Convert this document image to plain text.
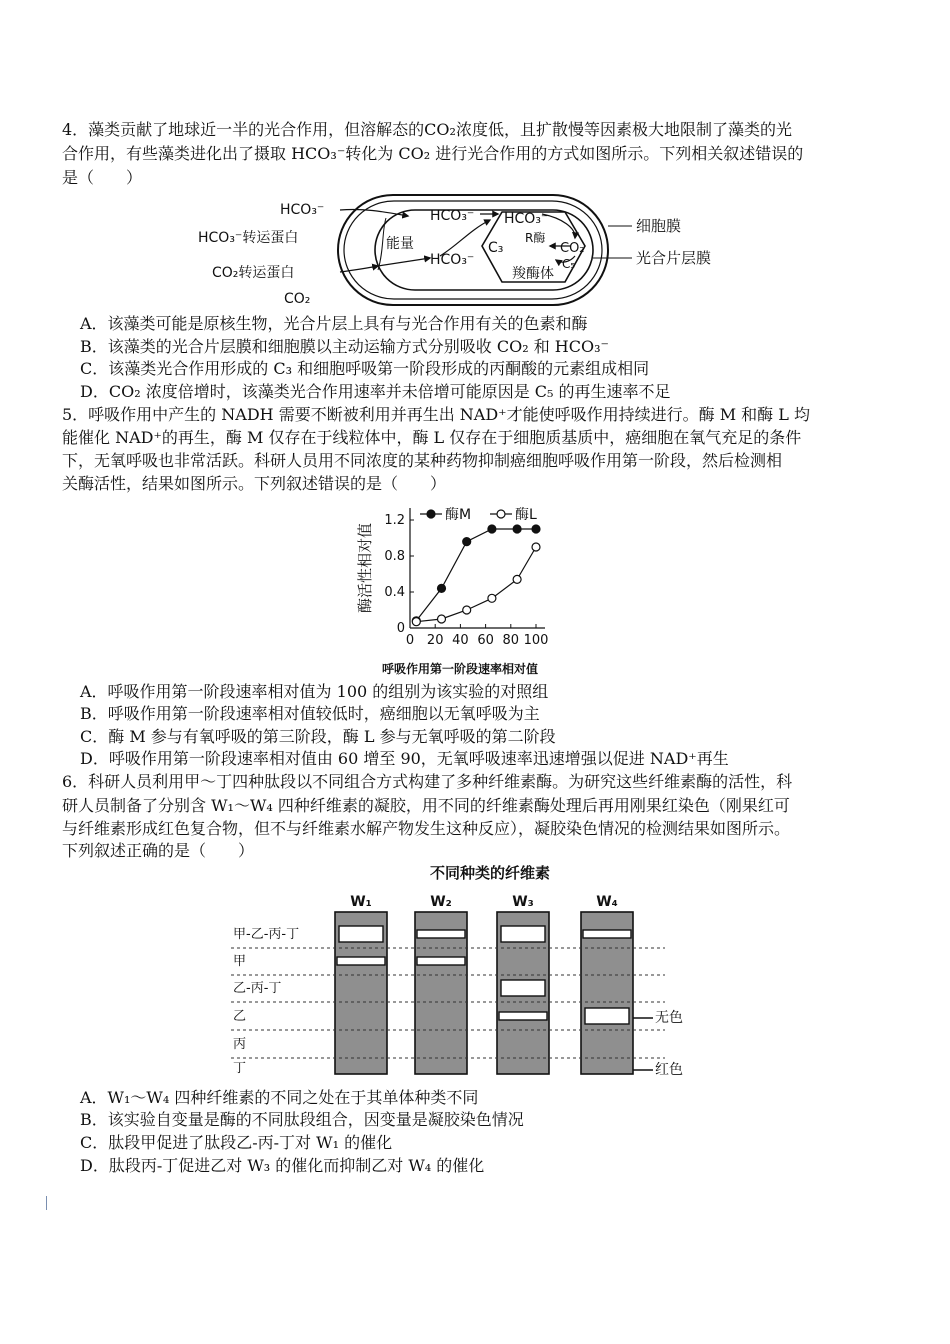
4．藻类贡献了地球近一半的光合作用，但溶解态的CO₂浓度低，且扩散慢等因素极大地限制了藻类的光
合作用，有些藻类进化出了摄取 HCO₃⁻转化为 CO₂ 进行光合作用的方式如图所示。下列相关叙述错误的
是（　　）
HCO₃⁻
HCO₃⁻转运蛋白
CO₂转运蛋白
CO₂
能量
HCO₃⁻
HCO₃⁻
HCO₃⁻
R酶
C₃	CO₂
C₅
羧酶体
细胞膜
光合片层膜
A．该藻类可能是原核生物，光合片层上具有与光合作用有关的色素和酶
B．该藻类的光合片层膜和细胞膜以主动运输方式分别吸收 CO₂ 和 HCO₃⁻
C．该藻类光合作用形成的 C₃ 和细胞呼吸第一阶段形成的丙酮酸的元素组成相同
D．CO₂ 浓度倍增时，该藻类光合作用速率并未倍增可能原因是 C₅ 的再生速率不足
5．呼吸作用中产生的 NADH 需要不断被利用并再生出 NAD⁺才能使呼吸作用持续进行。酶 M 和酶 L 均
能催化 NAD⁺的再生，酶 M 仅存在于线粒体中，酶 L 仅存在于细胞质基质中，癌细胞在氧气充足的条件
下，无氧呼吸也非常活跃。科研人员用不同浓度的某种药物抑制癌细胞呼吸作用第一阶段，然后检测相
关酶活性，结果如图所示。下列叙述错误的是（　　）
酶活性相对值
呼吸作用第一阶段速率相对值
0
0.4
0.8
1.2
0 20 40 60 80 100
酶M	酶L
A．呼吸作用第一阶段速率相对值为 100 的组别为该实验的对照组
B．呼吸作用第一阶段速率相对值较低时，癌细胞以无氧呼吸为主
C．酶 M 参与有氧呼吸的第三阶段，酶 L 参与无氧呼吸的第二阶段
D．呼吸作用第一阶段速率相对值由 60 增至 90，无氧呼吸速率迅速增强以促进 NAD⁺再生
6．科研人员利用甲～丁四种肽段以不同组合方式构建了多种纤维素酶。为研究这些纤维素酶的活性，科
研人员制备了分别含 W₁～W₄ 四种纤维素的凝胶，用不同的纤维素酶处理后再用刚果红染色（刚果红可
与纤维素形成红色复合物，但不与纤维素水解产物发生这种反应），凝胶染色情况的检测结果如图所示。
下列叙述正确的是（　　）
不同种类的纤维素
W₁	W₂	W₃	W₄
甲-乙-丙-丁
甲
乙-丙-丁
乙
丙
丁
无色
红色
A．W₁～W₄ 四种纤维素的不同之处在于其单体种类不同
B．该实验自变量是酶的不同肽段组合，因变量是凝胶染色情况
C．肽段甲促进了肽段乙-丙-丁对 W₁ 的催化
D．肽段丙-丁促进乙对 W₃ 的催化而抑制乙对 W₄ 的催化
